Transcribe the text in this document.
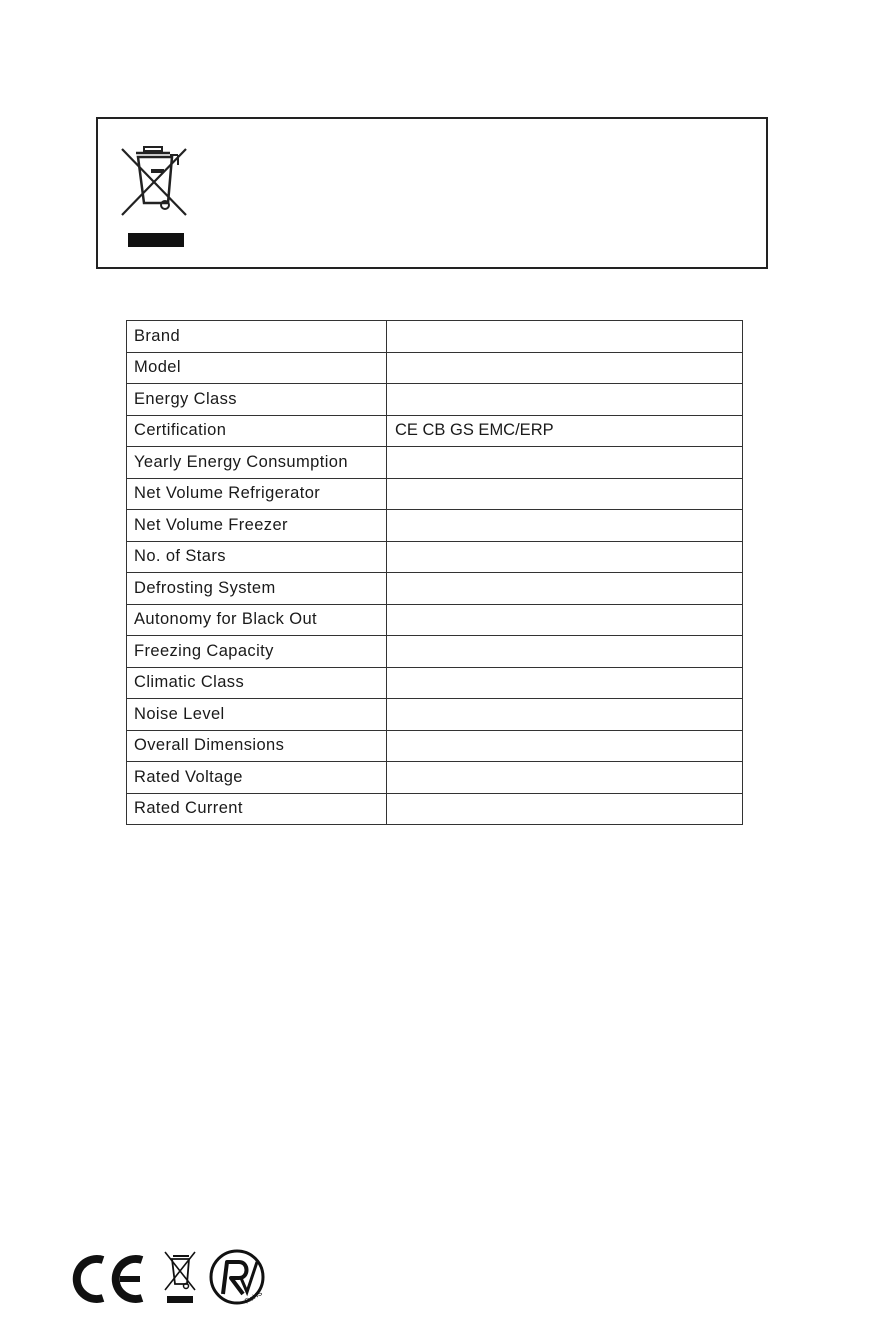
Brand	
Model	
Energy Class	
Certification	CE CB GS EMC/ERP
Yearly Energy Consumption	
Net Volume Refrigerator	
Net Volume Freezer	
No. of Stars	
Defrosting System	
Autonomy for Black Out	
Freezing Capacity	
Climatic Class	
Noise Level	
Overall Dimensions	
Rated Voltage	
Rated Current	
RoHS
